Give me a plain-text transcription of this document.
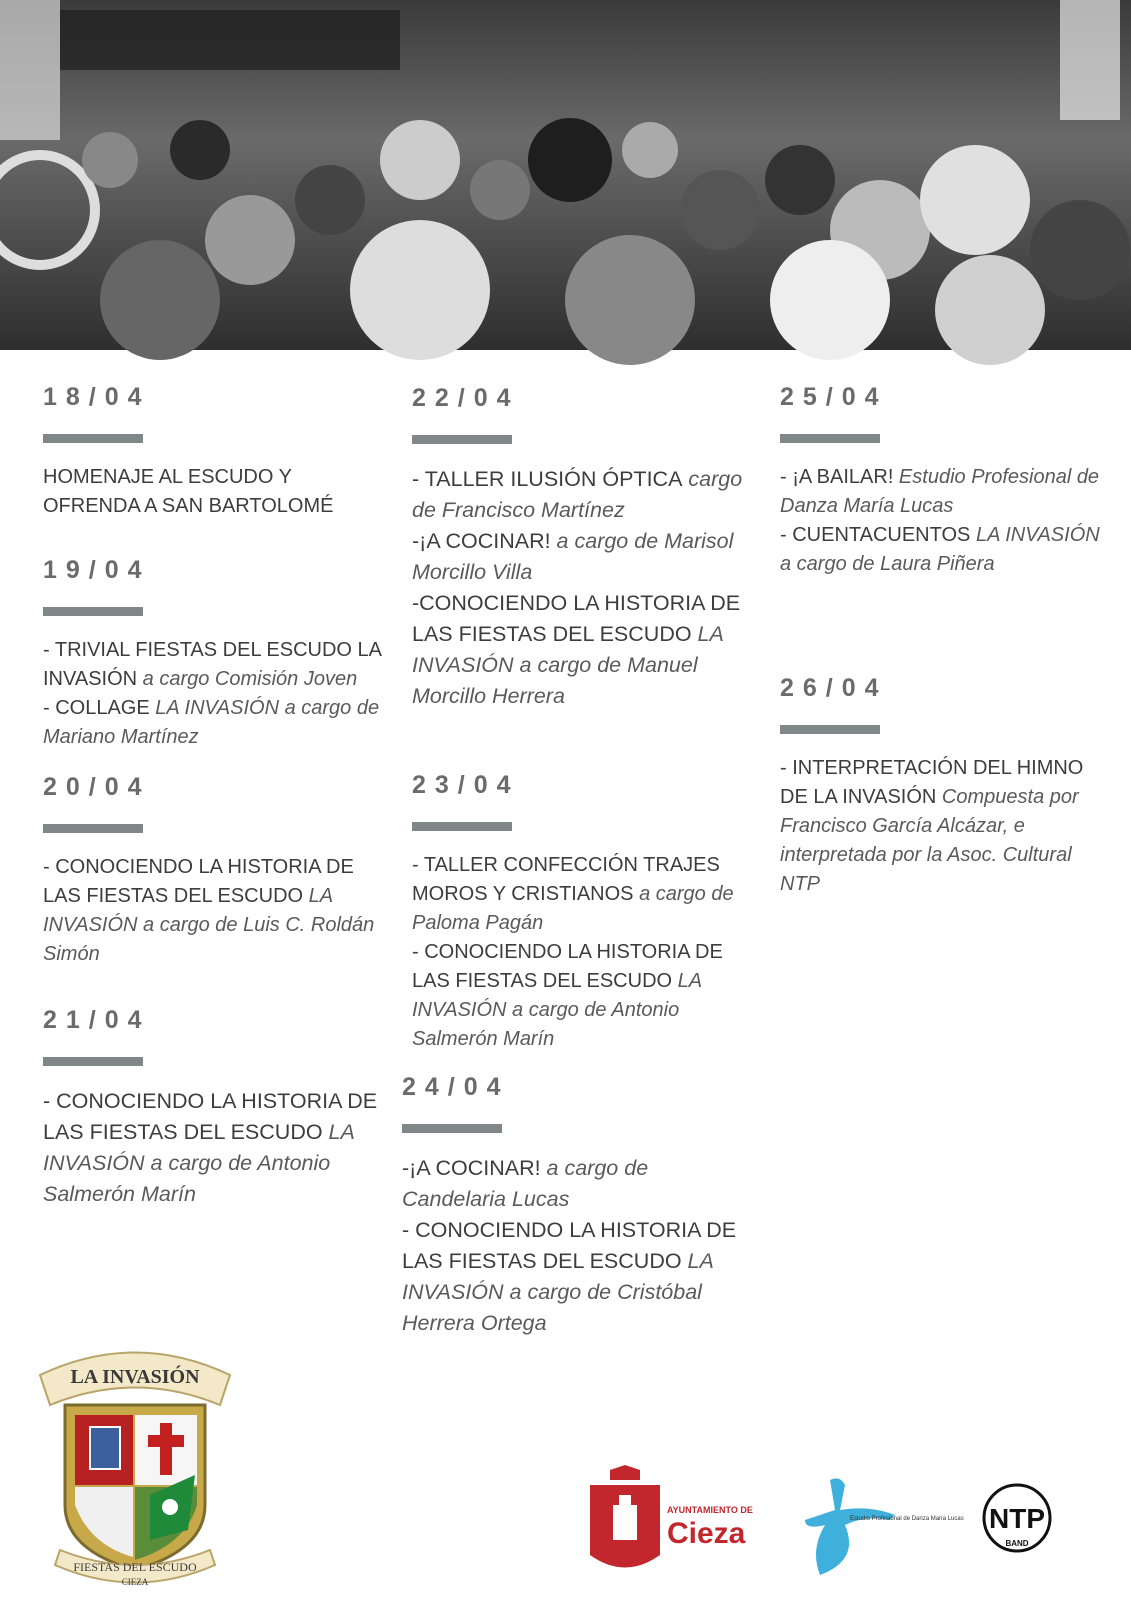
18/04

HOMENAJE AL ESCUDO Y OFRENDA A SAN BARTOLOMÉ

19/04

- TRIVIAL FIESTAS DEL ESCUDO LA INVASIÓN a cargo Comisión Joven
- COLLAGE LA INVASIÓN a cargo de Mariano Martínez

20/04

- CONOCIENDO LA HISTORIA DE LAS FIESTAS DEL ESCUDO LA INVASIÓN a cargo de Luis C. Roldán Simón

21/04

- CONOCIENDO LA HISTORIA DE LAS FIESTAS DEL ESCUDO LA INVASIÓN a cargo de Antonio Salmerón Marín

22/04

- TALLER ILUSIÓN ÓPTICA cargo de Francisco Martínez
-¡A COCINAR! a cargo de Marisol Morcillo Villa
-CONOCIENDO LA HISTORIA DE LAS FIESTAS DEL ESCUDO LA INVASIÓN a cargo de Manuel Morcillo Herrera

23/04

- TALLER CONFECCIÓN TRAJES MOROS Y CRISTIANOS a cargo de Paloma Pagán
- CONOCIENDO LA HISTORIA DE LAS FIESTAS DEL ESCUDO LA INVASIÓN a cargo de Antonio Salmerón Marín

24/04

-¡A COCINAR! a cargo de Candelaria Lucas
- CONOCIENDO LA HISTORIA DE LAS FIESTAS DEL ESCUDO LA INVASIÓN a cargo de Cristóbal Herrera Ortega

25/04

- ¡A BAILAR! Estudio Profesional de Danza María Lucas
- CUENTACUENTOS LA INVASIÓN a cargo de Laura Piñera

26/04

- INTERPRETACIÓN DEL HIMNO DE LA INVASIÓN Compuesta por Francisco García Alcázar, e interpretada por la Asoc. Cultural NTP

LA INVASIÓN
FIESTAS DEL ESCUDO
CIEZA
AYUNTAMIENTO DE
Cieza	Estudio Profesional de Danza María Lucas NTP
BAND
